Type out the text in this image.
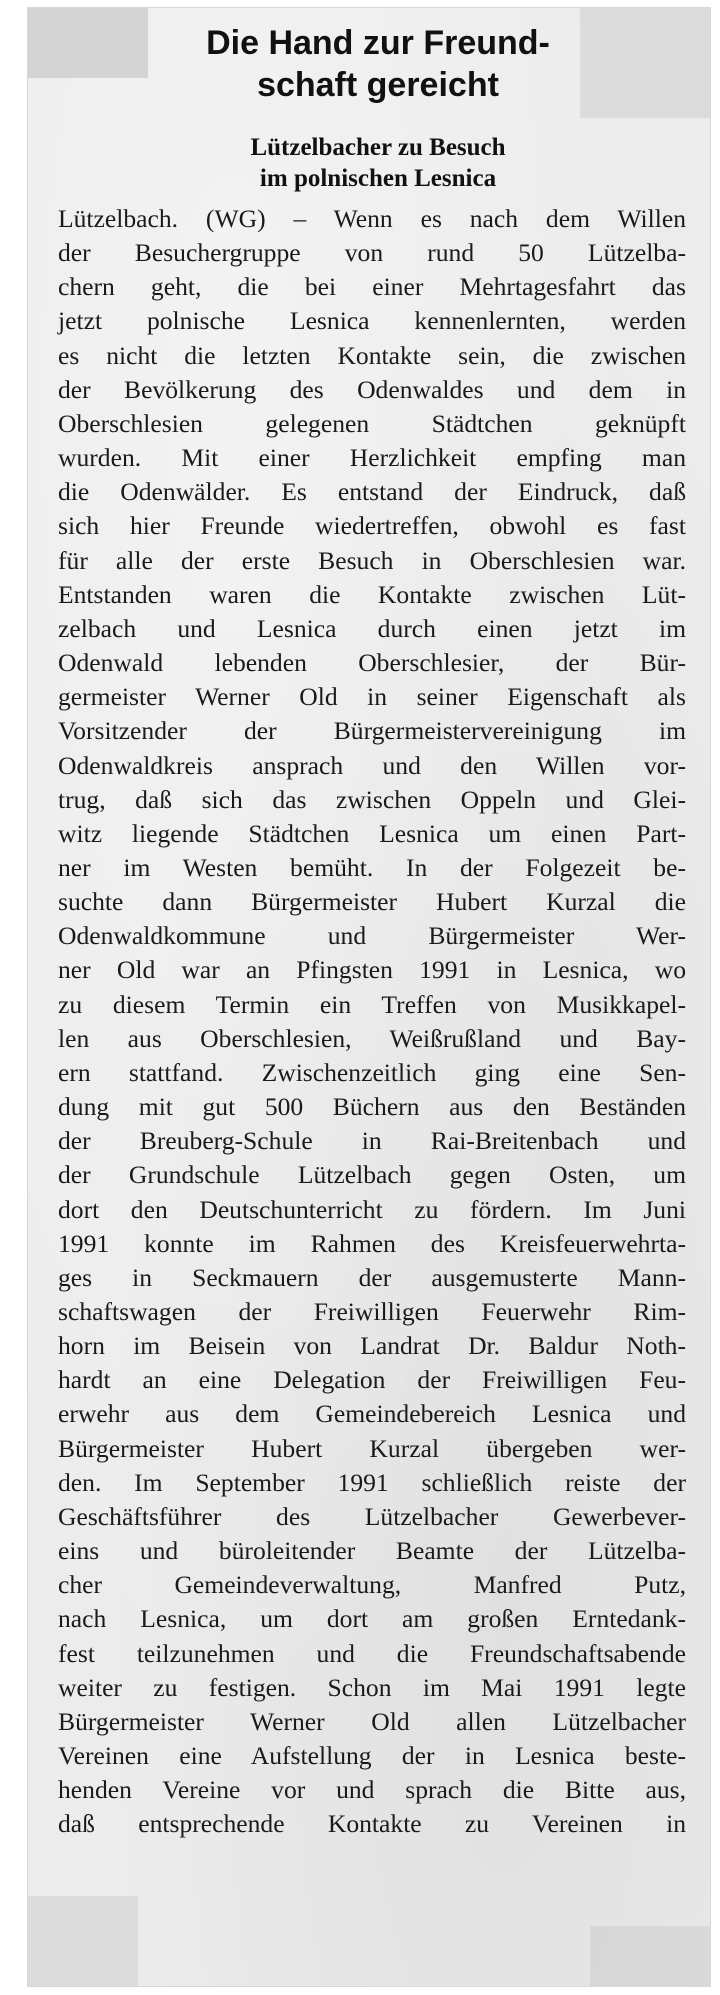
Die Hand zur Freund-
schaft gereicht
Lützelbacher zu Besuch
im polnischen Lesnica
Lützelbach. (WG) – Wenn es nach dem Willen
der Besuchergruppe von rund 50 Lützelba-
chern geht, die bei einer Mehrtagesfahrt das
jetzt polnische Lesnica kennenlernten, werden
es nicht die letzten Kontakte sein, die zwischen
der Bevölkerung des Odenwaldes und dem in
Oberschlesien gelegenen Städtchen geknüpft
wurden. Mit einer Herzlichkeit empfing man
die Odenwälder. Es entstand der Eindruck, daß
sich hier Freunde wiedertreffen, obwohl es fast
für alle der erste Besuch in Oberschlesien war.
Entstanden waren die Kontakte zwischen Lüt-
zelbach und Lesnica durch einen jetzt im
Odenwald lebenden Oberschlesier, der Bür-
germeister Werner Old in seiner Eigenschaft als
Vorsitzender der Bürgermeistervereinigung im
Odenwaldkreis ansprach und den Willen vor-
trug, daß sich das zwischen Oppeln und Glei-
witz liegende Städtchen Lesnica um einen Part-
ner im Westen bemüht. In der Folgezeit be-
suchte dann Bürgermeister Hubert Kurzal die
Odenwaldkommune und Bürgermeister Wer-
ner Old war an Pfingsten 1991 in Lesnica, wo
zu diesem Termin ein Treffen von Musikkapel-
len aus Oberschlesien, Weißrußland und Bay-
ern stattfand. Zwischenzeitlich ging eine Sen-
dung mit gut 500 Büchern aus den Beständen
der Breuberg-Schule in Rai-Breitenbach und
der Grundschule Lützelbach gegen Osten, um
dort den Deutschunterricht zu fördern. Im Juni
1991 konnte im Rahmen des Kreisfeuerwehrta-
ges in Seckmauern der ausgemusterte Mann-
schaftswagen der Freiwilligen Feuerwehr Rim-
horn im Beisein von Landrat Dr. Baldur Noth-
hardt an eine Delegation der Freiwilligen Feu-
erwehr aus dem Gemeindebereich Lesnica und
Bürgermeister Hubert Kurzal übergeben wer-
den. Im September 1991 schließlich reiste der
Geschäftsführer des Lützelbacher Gewerbever-
eins und büroleitender Beamte der Lützelba-
cher Gemeindeverwaltung, Manfred Putz,
nach Lesnica, um dort am großen Erntedank-
fest teilzunehmen und die Freundschaftsabende
weiter zu festigen. Schon im Mai 1991 legte
Bürgermeister Werner Old allen Lützelbacher
Vereinen eine Aufstellung der in Lesnica beste-
henden Vereine vor und sprach die Bitte aus,
daß entsprechende Kontakte zu Vereinen in
